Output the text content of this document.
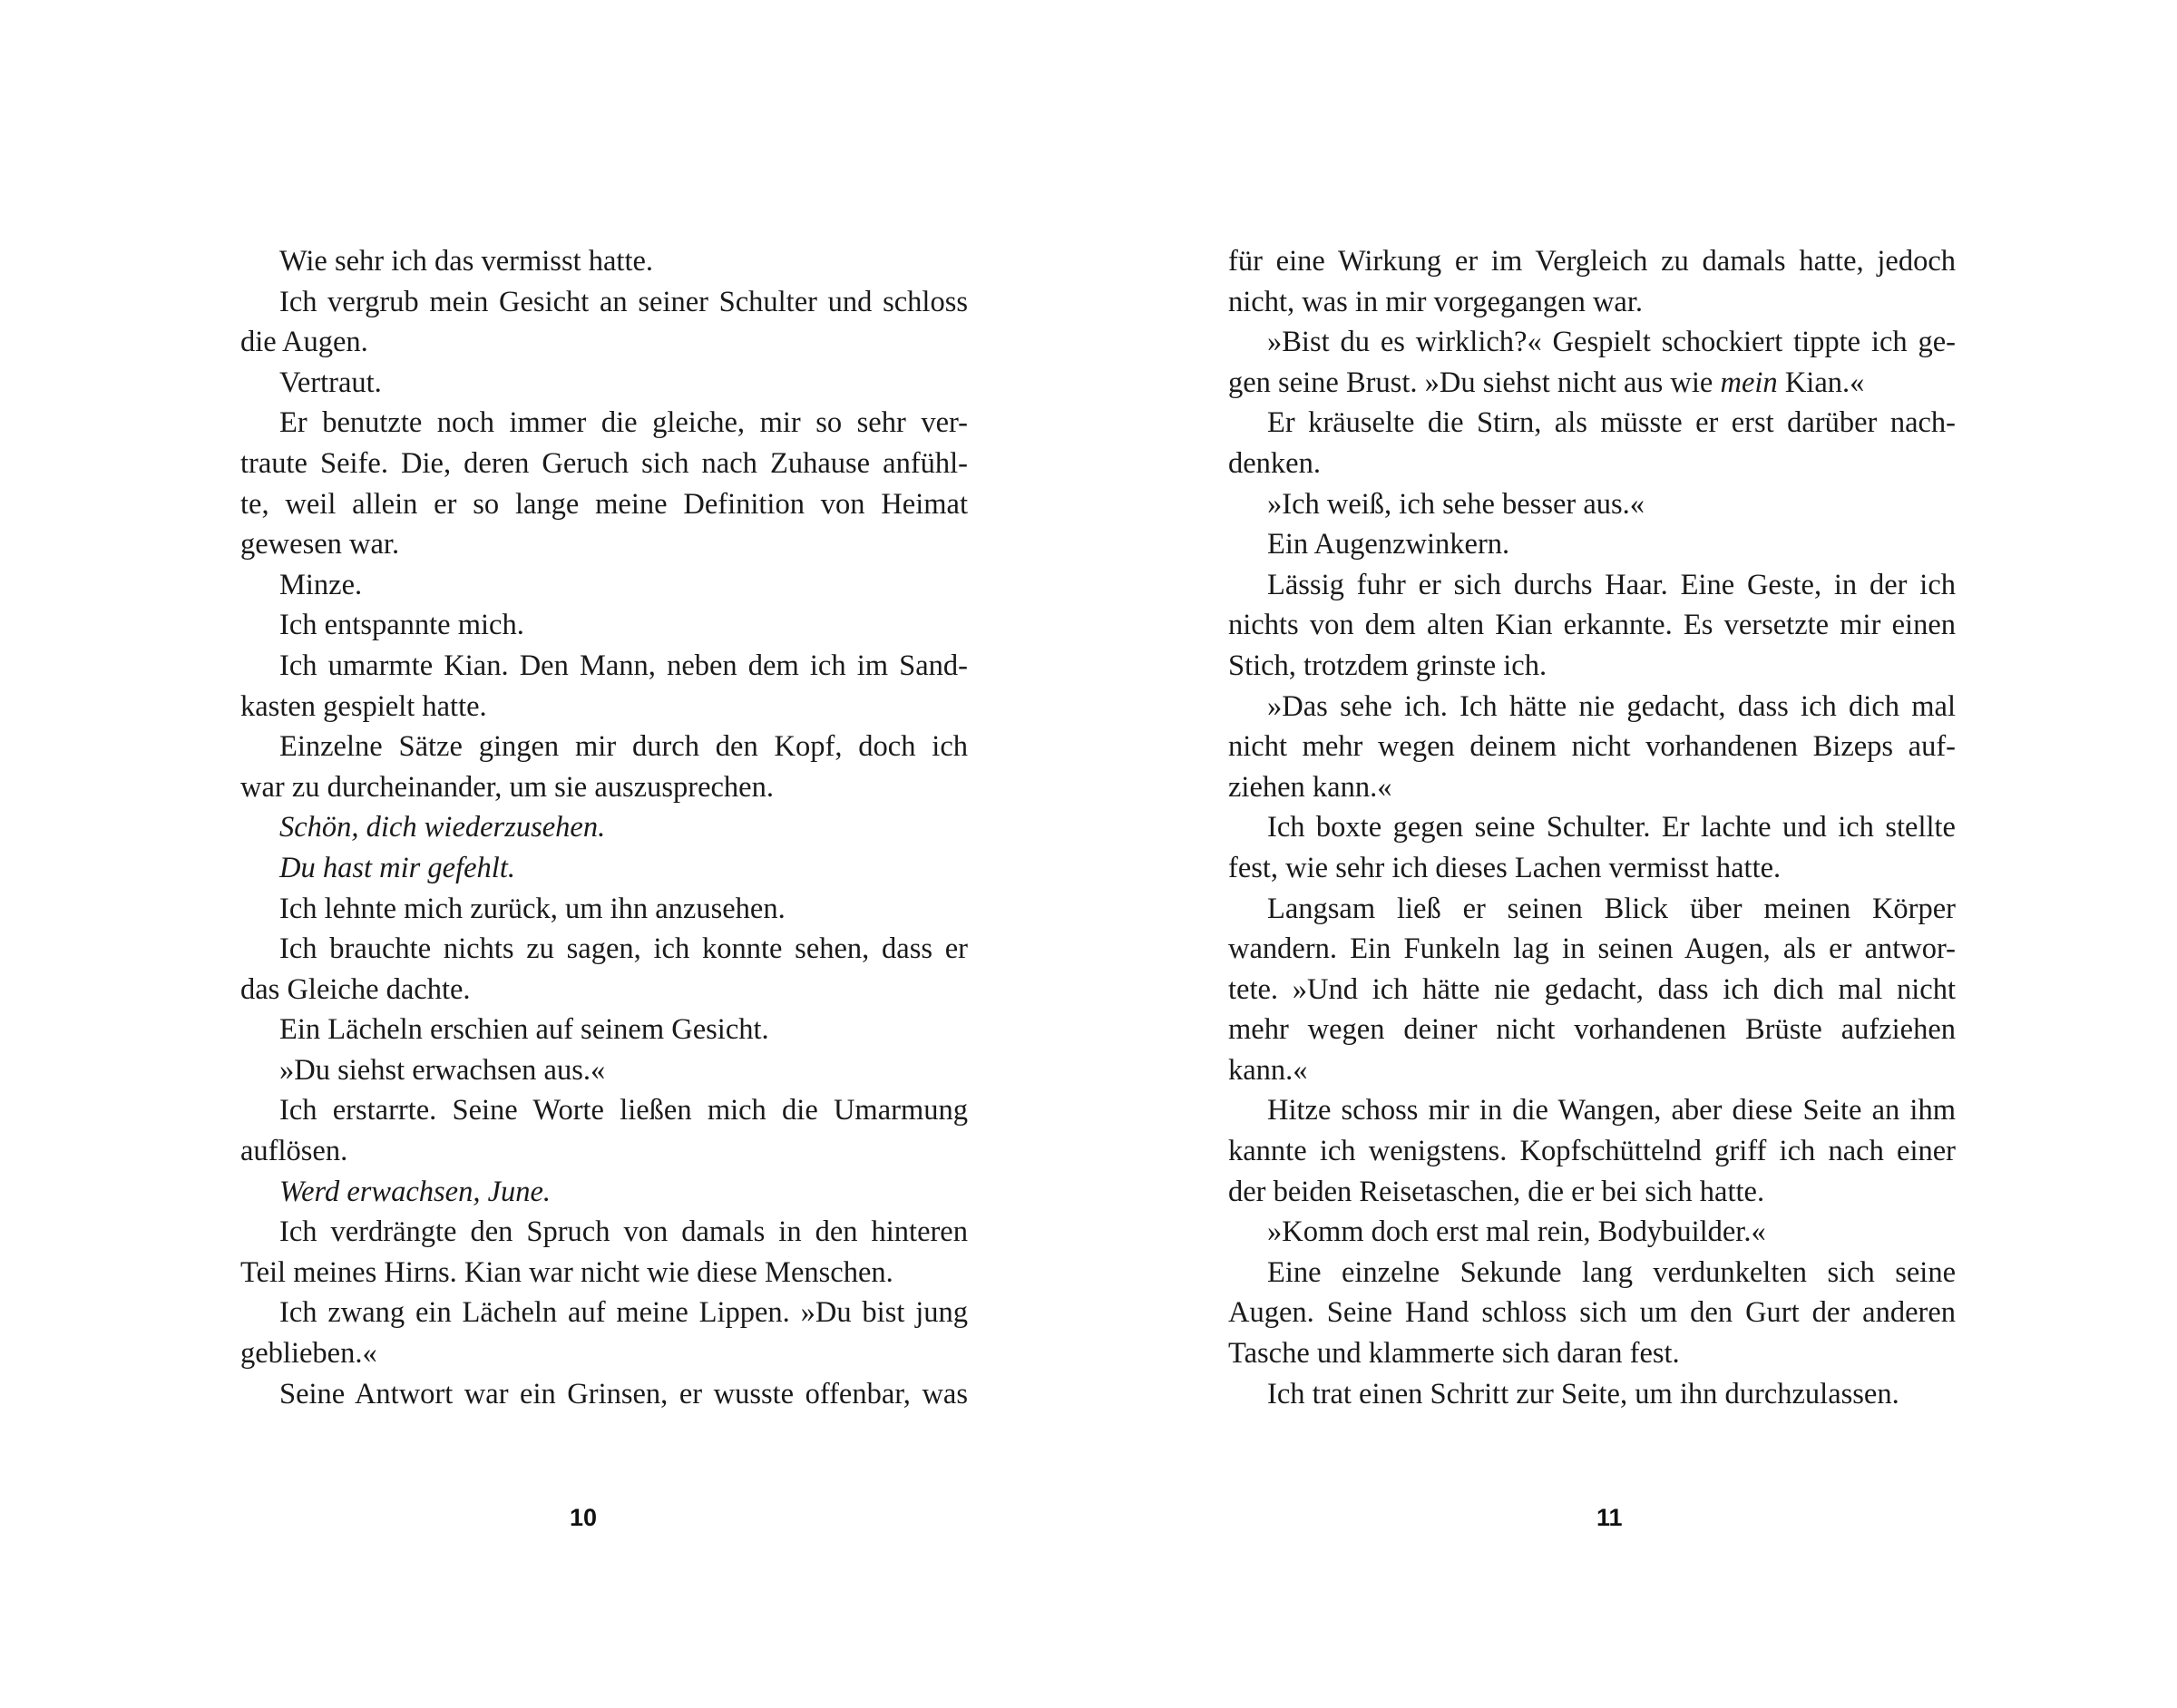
Wie sehr ich das vermisst hatte.
Ich vergrub mein Gesicht an seiner Schulter und schloss
die Augen.
Vertraut.
Er benutzte noch immer die gleiche, mir so sehr ver-
traute Seife. Die, deren Geruch sich nach Zuhause anfühl-
te, weil allein er so lange meine Definition von Heimat
gewesen war.
Minze.
Ich entspannte mich.
Ich umarmte Kian. Den Mann, neben dem ich im Sand-
kasten gespielt hatte.
Einzelne Sätze gingen mir durch den Kopf, doch ich
war zu durcheinander, um sie auszusprechen.
Schön, dich wiederzusehen.
Du hast mir gefehlt.
Ich lehnte mich zurück, um ihn anzusehen.
Ich brauchte nichts zu sagen, ich konnte sehen, dass er
das Gleiche dachte.
Ein Lächeln erschien auf seinem Gesicht.
»Du siehst erwachsen aus.«
Ich erstarrte. Seine Worte ließen mich die Umarmung
auflösen.
Werd erwachsen, June.
Ich verdrängte den Spruch von damals in den hinteren
Teil meines Hirns. Kian war nicht wie diese Menschen.
Ich zwang ein Lächeln auf meine Lippen. »Du bist jung
geblieben.«
Seine Antwort war ein Grinsen, er wusste offenbar, was
10
für eine Wirkung er im Vergleich zu damals hatte, jedoch
nicht, was in mir vorgegangen war.
»Bist du es wirklich?« Gespielt schockiert tippte ich ge-
gen seine Brust. »Du siehst nicht aus wie mein Kian.«
Er kräuselte die Stirn, als müsste er erst darüber nach-
denken.
»Ich weiß, ich sehe besser aus.«
Ein Augenzwinkern.
Lässig fuhr er sich durchs Haar. Eine Geste, in der ich
nichts von dem alten Kian erkannte. Es versetzte mir einen
Stich, trotzdem grinste ich.
»Das sehe ich. Ich hätte nie gedacht, dass ich dich mal
nicht mehr wegen deinem nicht vorhandenen Bizeps auf-
ziehen kann.«
Ich boxte gegen seine Schulter. Er lachte und ich stellte
fest, wie sehr ich dieses Lachen vermisst hatte.
Langsam ließ er seinen Blick über meinen Körper
wandern. Ein Funkeln lag in seinen Augen, als er antwor-
tete. »Und ich hätte nie gedacht, dass ich dich mal nicht
mehr wegen deiner nicht vorhandenen Brüste aufziehen
kann.«
Hitze schoss mir in die Wangen, aber diese Seite an ihm
kannte ich wenigstens. Kopfschüttelnd griff ich nach einer
der beiden Reisetaschen, die er bei sich hatte.
»Komm doch erst mal rein, Bodybuilder.«
Eine einzelne Sekunde lang verdunkelten sich seine
Augen. Seine Hand schloss sich um den Gurt der anderen
Tasche und klammerte sich daran fest.
Ich trat einen Schritt zur Seite, um ihn durchzulassen.
11
